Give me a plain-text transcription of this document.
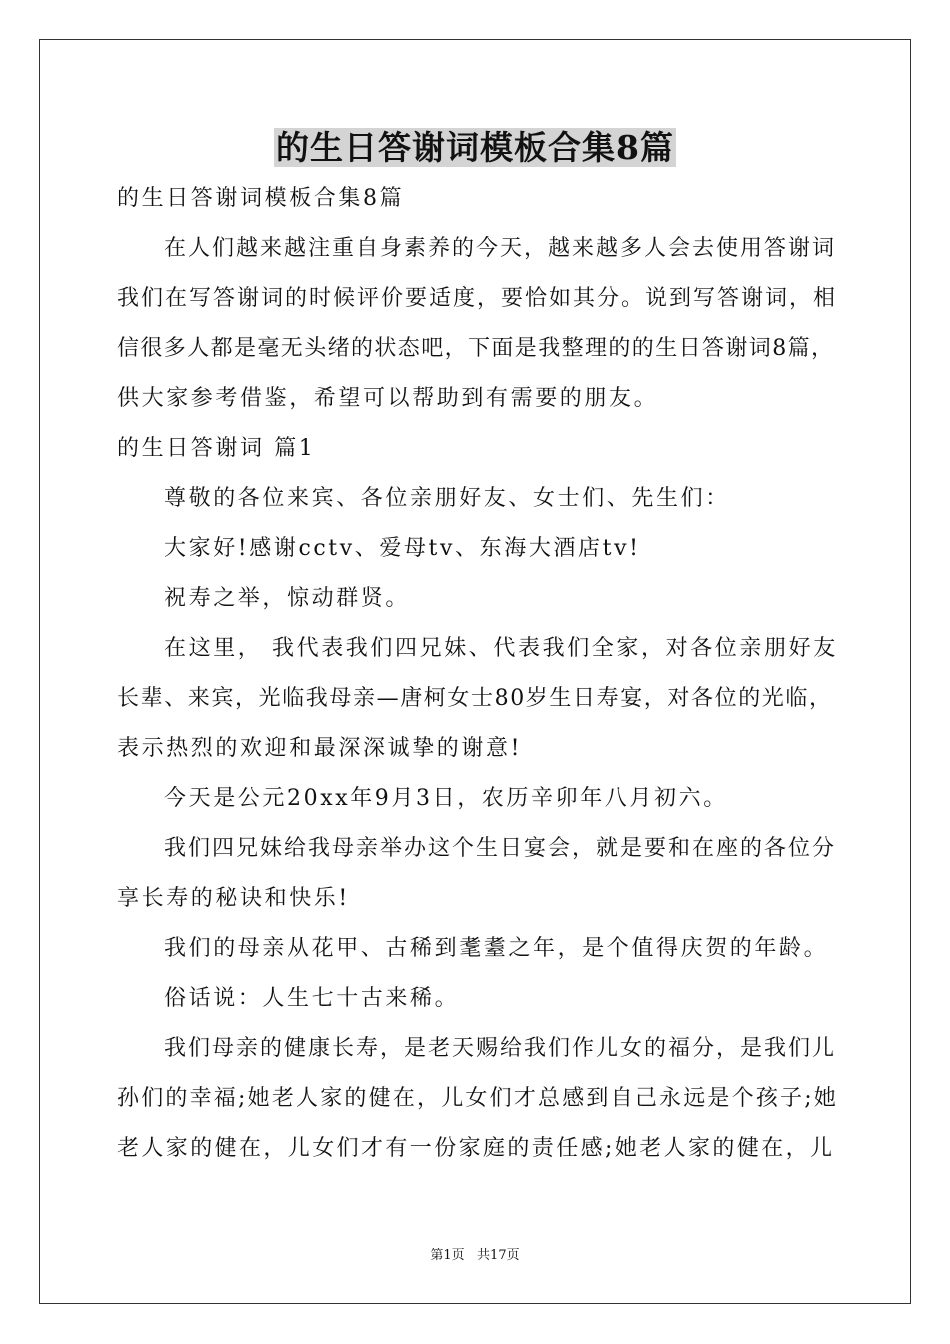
的生日答谢词模板合集8篇
的生日答谢词模板合集8篇
在人们越来越注重自身素养的今天，越来越多人会去使用答谢词
我们在写答谢词的时候评价要适度，要恰如其分。说到写答谢词，相
信很多人都是毫无头绪的状态吧，下面是我整理的的生日答谢词8篇，
供大家参考借鉴，希望可以帮助到有需要的朋友。
的生日答谢词 篇1
尊敬的各位来宾、各位亲朋好友、女士们、先生们：
大家好!感谢cctv、爱母tv、东海大酒店tv!
祝寿之举，惊动群贤。
在这里， 我代表我们四兄妹、代表我们全家，对各位亲朋好友
长辈、来宾，光临我母亲—唐柯女士80岁生日寿宴，对各位的光临，
表示热烈的欢迎和最深深诚挚的谢意!
今天是公元20xx年9月3日，农历辛卯年八月初六。
我们四兄妹给我母亲举办这个生日宴会，就是要和在座的各位分
享长寿的秘诀和快乐!
我们的母亲从花甲、古稀到耄耋之年，是个值得庆贺的年龄。
俗话说：人生七十古来稀。
我们母亲的健康长寿，是老天赐给我们作儿女的福分，是我们儿
孙们的幸福;她老人家的健在，儿女们才总感到自己永远是个孩子;她
老人家的健在，儿女们才有一份家庭的责任感;她老人家的健在，儿
第1页   共17页
